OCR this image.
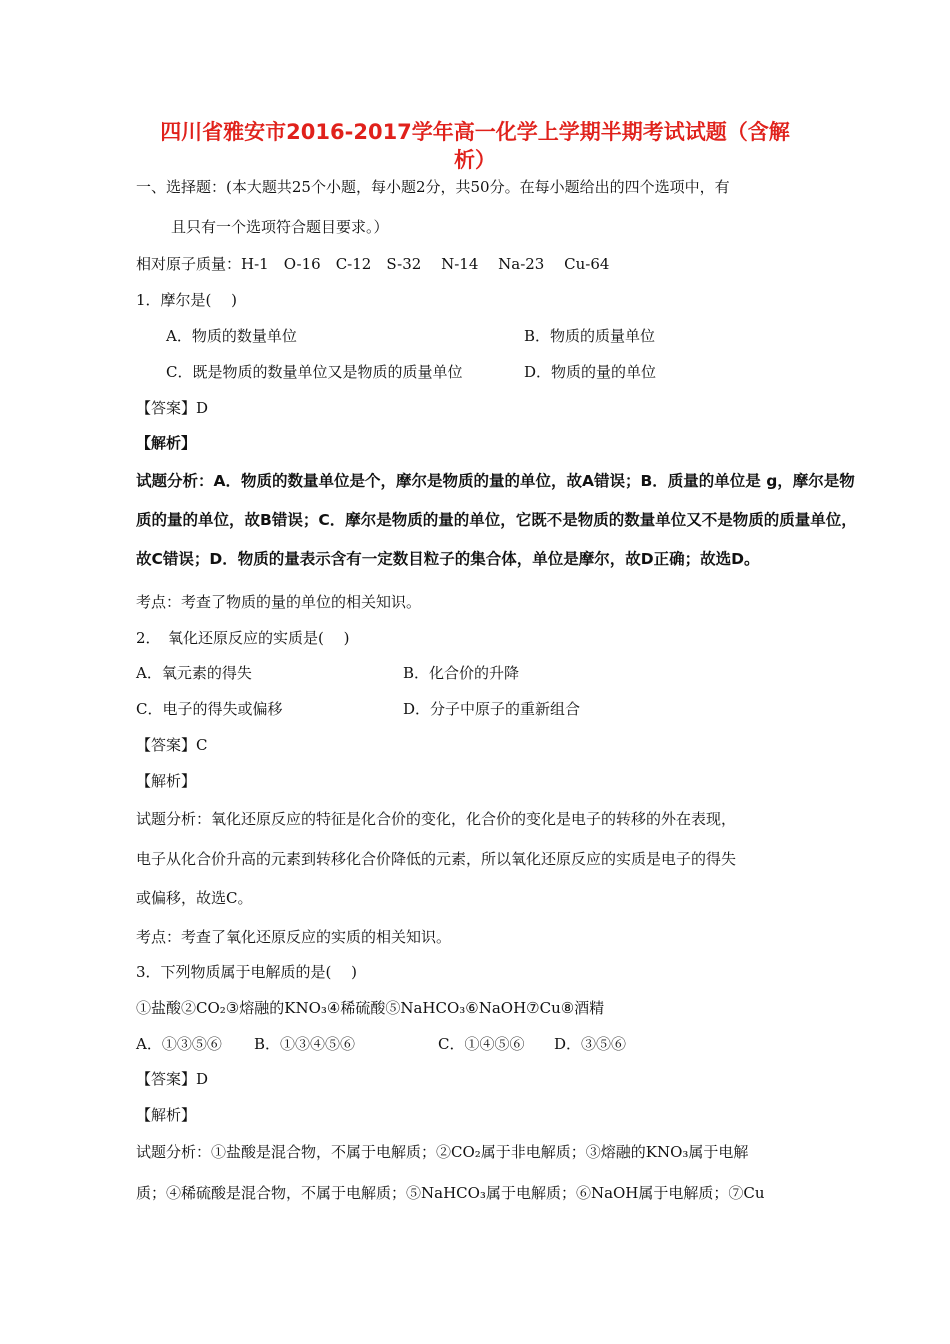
四川省雅安市2016-2017学年高一化学上学期半期考试试题（含解
析）
一、选择题：(本大题共25个小题，每小题2分，共50分。在每小题给出的四个选项中，有
且只有一个选项符合题目要求。）
相对原子质量：H-1　O-16　C-12　S-32　 N-14　 Na-23　 Cu-64
1．摩尔是(　 )
A．物质的数量单位	B．物质的质量单位
C．既是物质的数量单位又是物质的质量单位	D．物质的量的单位
【答案】D
【解析】
试题分析：A．物质的数量单位是个，摩尔是物质的量的单位，故A错误；B．质量的单位是 g，摩尔是物
质的量的单位，故B错误；C．摩尔是物质的量的单位，它既不是物质的数量单位又不是物质的质量单位，
故C错误；D．物质的量表示含有一定数目粒子的集合体，单位是摩尔，故D正确；故选D。
考点：考查了物质的量的单位的相关知识。
2．　氧化还原反应的实质是(　 )
A．氧元素的得失	B．化合价的升降
C．电子的得失或偏移	D．分子中原子的重新组合
【答案】C
【解析】
试题分析：氧化还原反应的特征是化合价的变化，化合价的变化是电子的转移的外在表现，
电子从化合价升高的元素到转移化合价降低的元素，所以氧化还原反应的实质是电子的得失
或偏移，故选C。
考点：考查了氧化还原反应的实质的相关知识。
3．下列物质属于电解质的是(　 )
①盐酸②CO₂③熔融的KNO₃④稀硫酸⑤NaHCO₃⑥NaOH⑦Cu⑧酒精
A．①③⑤⑥ B．①③④⑤⑥	C．①④⑤⑥ D．③⑤⑥
【答案】D
【解析】
试题分析：①盐酸是混合物，不属于电解质；②CO₂属于非电解质；③熔融的KNO₃属于电解
质；④稀硫酸是混合物，不属于电解质；⑤NaHCO₃属于电解质；⑥NaOH属于电解质；⑦Cu
